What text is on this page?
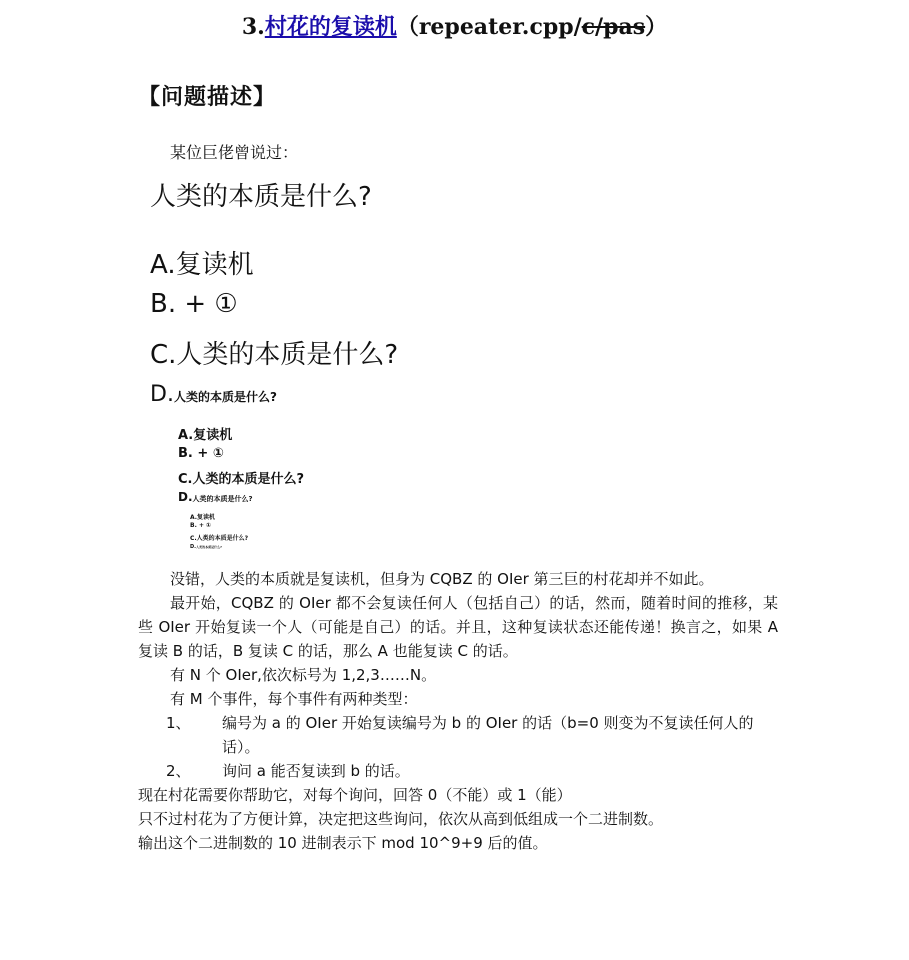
3.村花的复读机（repeater.cpp/c/pas）
【问题描述】
某位巨佬曾说过：
人类的本质是什么?
A.复读机
B. + ①
C.人类的本质是什么?
D.人类的本质是什么?
A.复读机
B. + ①
C.人类的本质是什么?
D.人类的本质是什么?
A.复读机
B. + ①
C.人类的本质是什么?
D.人类的本质是什么?

没错，人类的本质就是复读机，但身为 CQBZ 的 OIer 第三巨的村花却并不如此。

最开始，CQBZ 的 OIer 都不会复读任何人（包括自己）的话，然而，随着时间的推移，某些 OIer 开始复读一个人（可能是自己）的话。并且，这种复读状态还能传递！换言之，如果 A 复读 B 的话，B 复读 C 的话，那么 A 也能复读 C 的话。

有 N 个 OIer,依次标号为 1,2,3……N。

有 M 个事件，每个事件有两种类型：

1、	编号为 a 的 OIer 开始复读编号为 b 的 OIer 的话（b=0 则变为不复读任何人的话）。
2、	询问 a 能否复读到 b 的话。

现在村花需要你帮助它，对每个询问，回答 0（不能）或 1（能）

只不过村花为了方便计算，决定把这些询问，依次从高到低组成一个二进制数。

输出这个二进制数的 10 进制表示下 mod 10^9+9 后的值。
